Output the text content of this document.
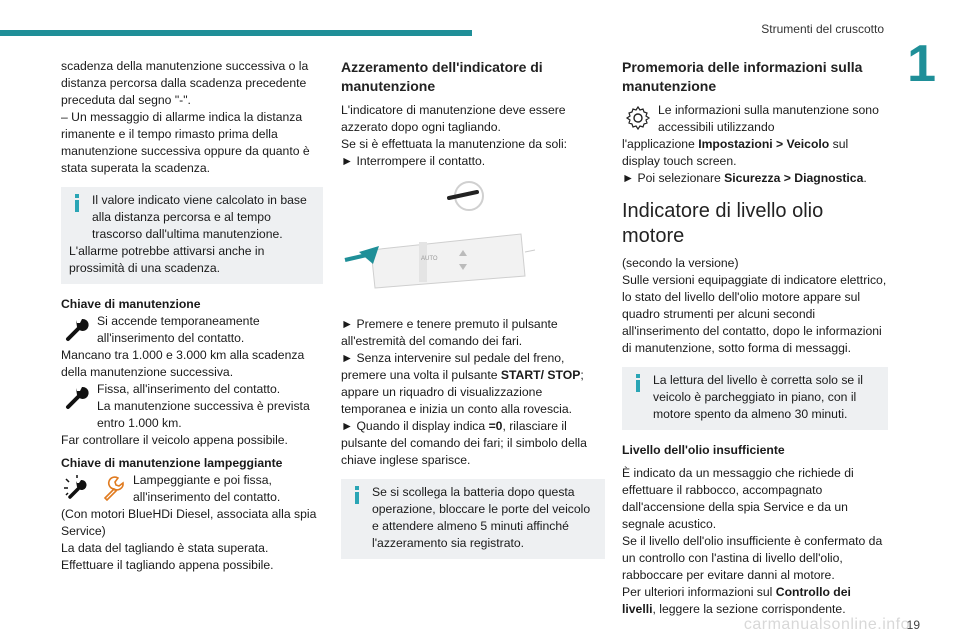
Strumenti del cruscotto
1

scadenza della manutenzione successiva o la distanza percorsa dalla scadenza precedente preceduta dal segno "-".

– Un messaggio di allarme indica la distanza rimanente e il tempo rimasto prima della manutenzione successiva oppure da quanto è stata superata la scadenza.

Il valore indicato viene calcolato in base alla distanza percorsa e al tempo trascorso dall'ultima manutenzione.

L'allarme potrebbe attivarsi anche in prossimità di una scadenza.

Chiave di manutenzione

Si accende temporaneamente all'inserimento del contatto.

Mancano tra 1.000 e 3.000 km alla scadenza della manutenzione successiva.

Fissa, all'inserimento del contatto.

La manutenzione successiva è prevista entro 1.000 km.

Far controllare il veicolo appena possibile.

Chiave di manutenzione lampeggiante

Lampeggiante e poi fissa, all'inserimento del contatto.

(Con motori BlueHDi Diesel, associata alla spia Service)

La data del tagliando è stata superata.

Effettuare il tagliando appena possibile.

Azzeramento dell'indicatore di manutenzione

L'indicatore di manutenzione deve essere azzerato dopo ogni tagliando.

Se si è effettuata la manutenzione da soli:

► Interrompere il contatto.

AUTO

► Premere e tenere premuto il pulsante all'estremità del comando dei fari.

► Senza intervenire sul pedale del freno, premere una volta il pulsante START/ STOP; appare un riquadro di visualizzazione temporanea e inizia un conto alla rovescia.

► Quando il display indica =0, rilasciare il pulsante del comando dei fari; il simbolo della chiave inglese sparisce.

Se si scollega la batteria dopo questa operazione, bloccare le porte del veicolo e attendere almeno 5 minuti affinché l'azzeramento sia registrato.

Promemoria delle informazioni sulla manutenzione

Le informazioni sulla manutenzione sono accessibili utilizzando

l'applicazione Impostazioni > Veicolo sul display touch screen.

► Poi selezionare Sicurezza > Diagnostica.

Indicatore di livello olio motore

(secondo la versione)

Sulle versioni equipaggiate di indicatore elettrico, lo stato del livello dell'olio motore appare sul quadro strumenti per alcuni secondi all'inserimento del contatto, dopo le informazioni di manutenzione, sotto forma di messaggi.

La lettura del livello è corretta solo se il veicolo è parcheggiato in piano, con il motore spento da almeno 30 minuti.

Livello dell'olio insufficiente

È indicato da un messaggio che richiede di effettuare il rabbocco, accompagnato dall'accensione della spia Service e da un segnale acustico.

Se il livello dell'olio insufficiente è confermato da un controllo con l'astina di livello dell'olio, rabboccare per evitare danni al motore.

Per ulteriori informazioni sul Controllo dei livelli, leggere la sezione corrispondente.

carmanualsonline.info
19
